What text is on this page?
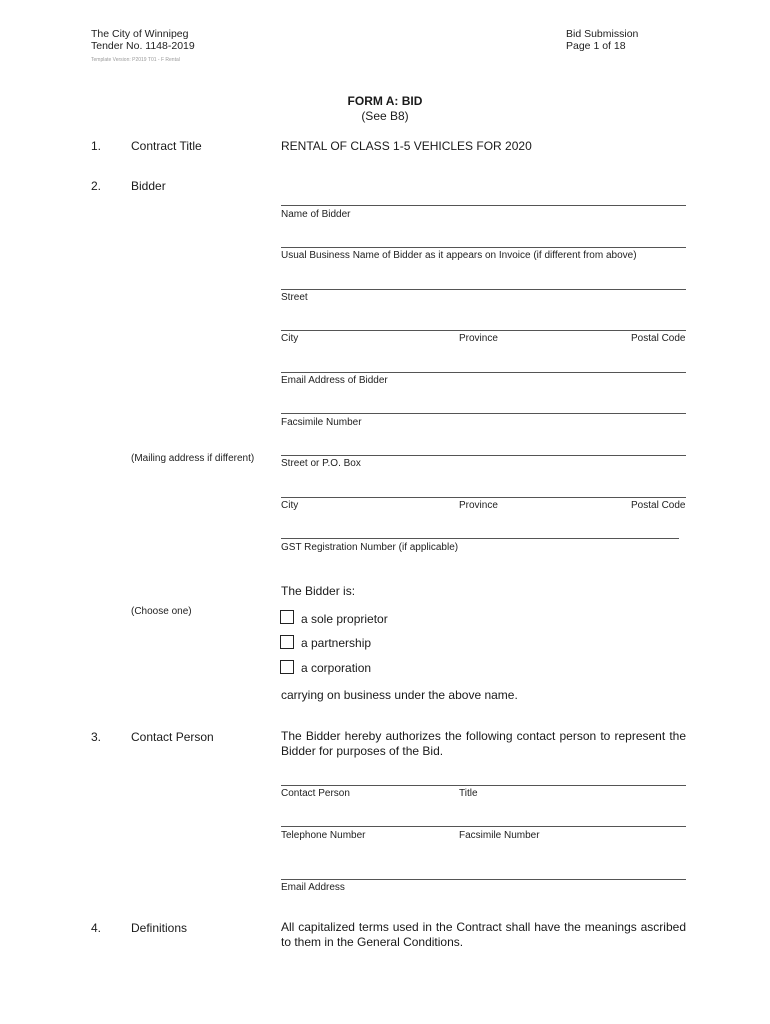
The City of Winnipeg
Tender No. 1148-2019
Template Version: P2019 T01 - F Rental
Bid Submission
Page 1 of 18
FORM A: BID
(See B8)
1. Contract Title	RENTAL OF CLASS 1-5 VEHICLES FOR 2020
2. Bidder
Name of Bidder
Usual Business Name of Bidder as it appears on Invoice (if different from above)
Street
City	Province	Postal Code
Email Address of Bidder
Facsimile Number
(Mailing address if different)	Street or P.O. Box
City	Province	Postal Code
GST Registration Number (if applicable)
The Bidder is:
(Choose one)
a sole proprietor
a partnership
a corporation
carrying on business under the above name.
3. Contact Person	The Bidder hereby authorizes the following contact person to represent the Bidder for purposes of the Bid.
Contact Person	Title
Telephone Number	Facsimile Number
Email Address
4. Definitions	All capitalized terms used in the Contract shall have the meanings ascribed to them in the General Conditions.
